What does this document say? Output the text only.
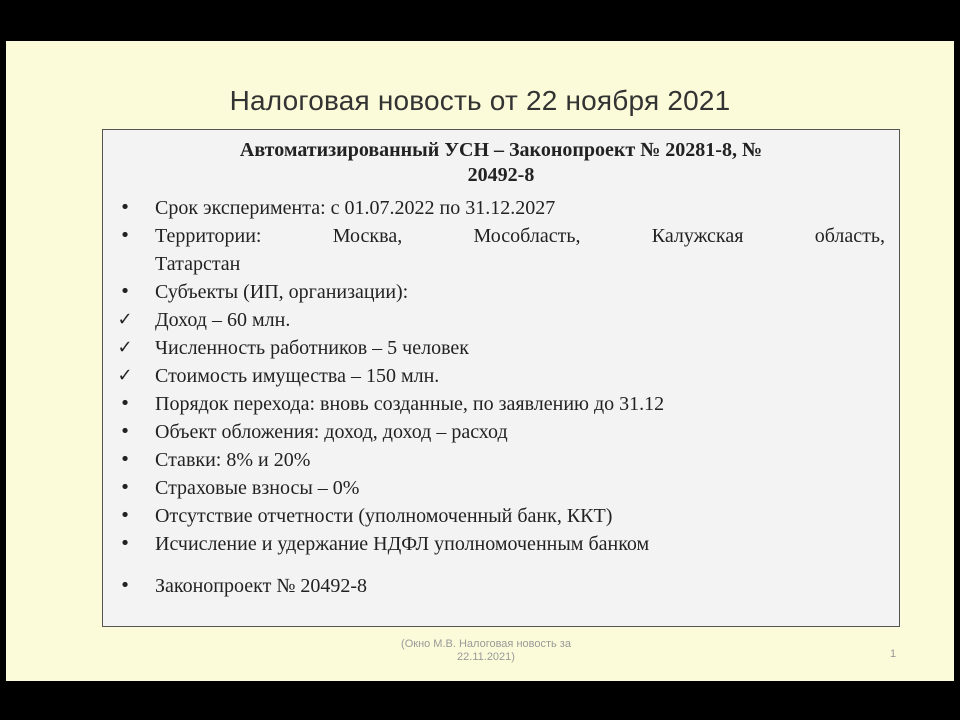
Налоговая новость от 22 ноября 2021
Автоматизированный УСН – Законопроект № 20281-8, №
20492-8
•	Срок эксперимента: с 01.07.2022 по 31.12.2027
•	Территории: Москва, Мособласть, Калужская область,
Татарстан
•	Субъекты (ИП, организации):
✓	Доход – 60 млн.
✓	Численность работников – 5 человек
✓	Стоимость имущества – 150 млн.
•	Порядок перехода: вновь созданные, по заявлению до 31.12
•	Объект обложения: доход, доход – расход
•	Ставки: 8% и 20%
•	Страховые взносы – 0%
•	Отсутствие отчетности (уполномоченный банк, ККТ)
•	Исчисление и удержание НДФЛ уполномоченным банком
•	Законопроект № 20492-8
(Окно М.В. Налоговая новость за
22.11.2021)	1
